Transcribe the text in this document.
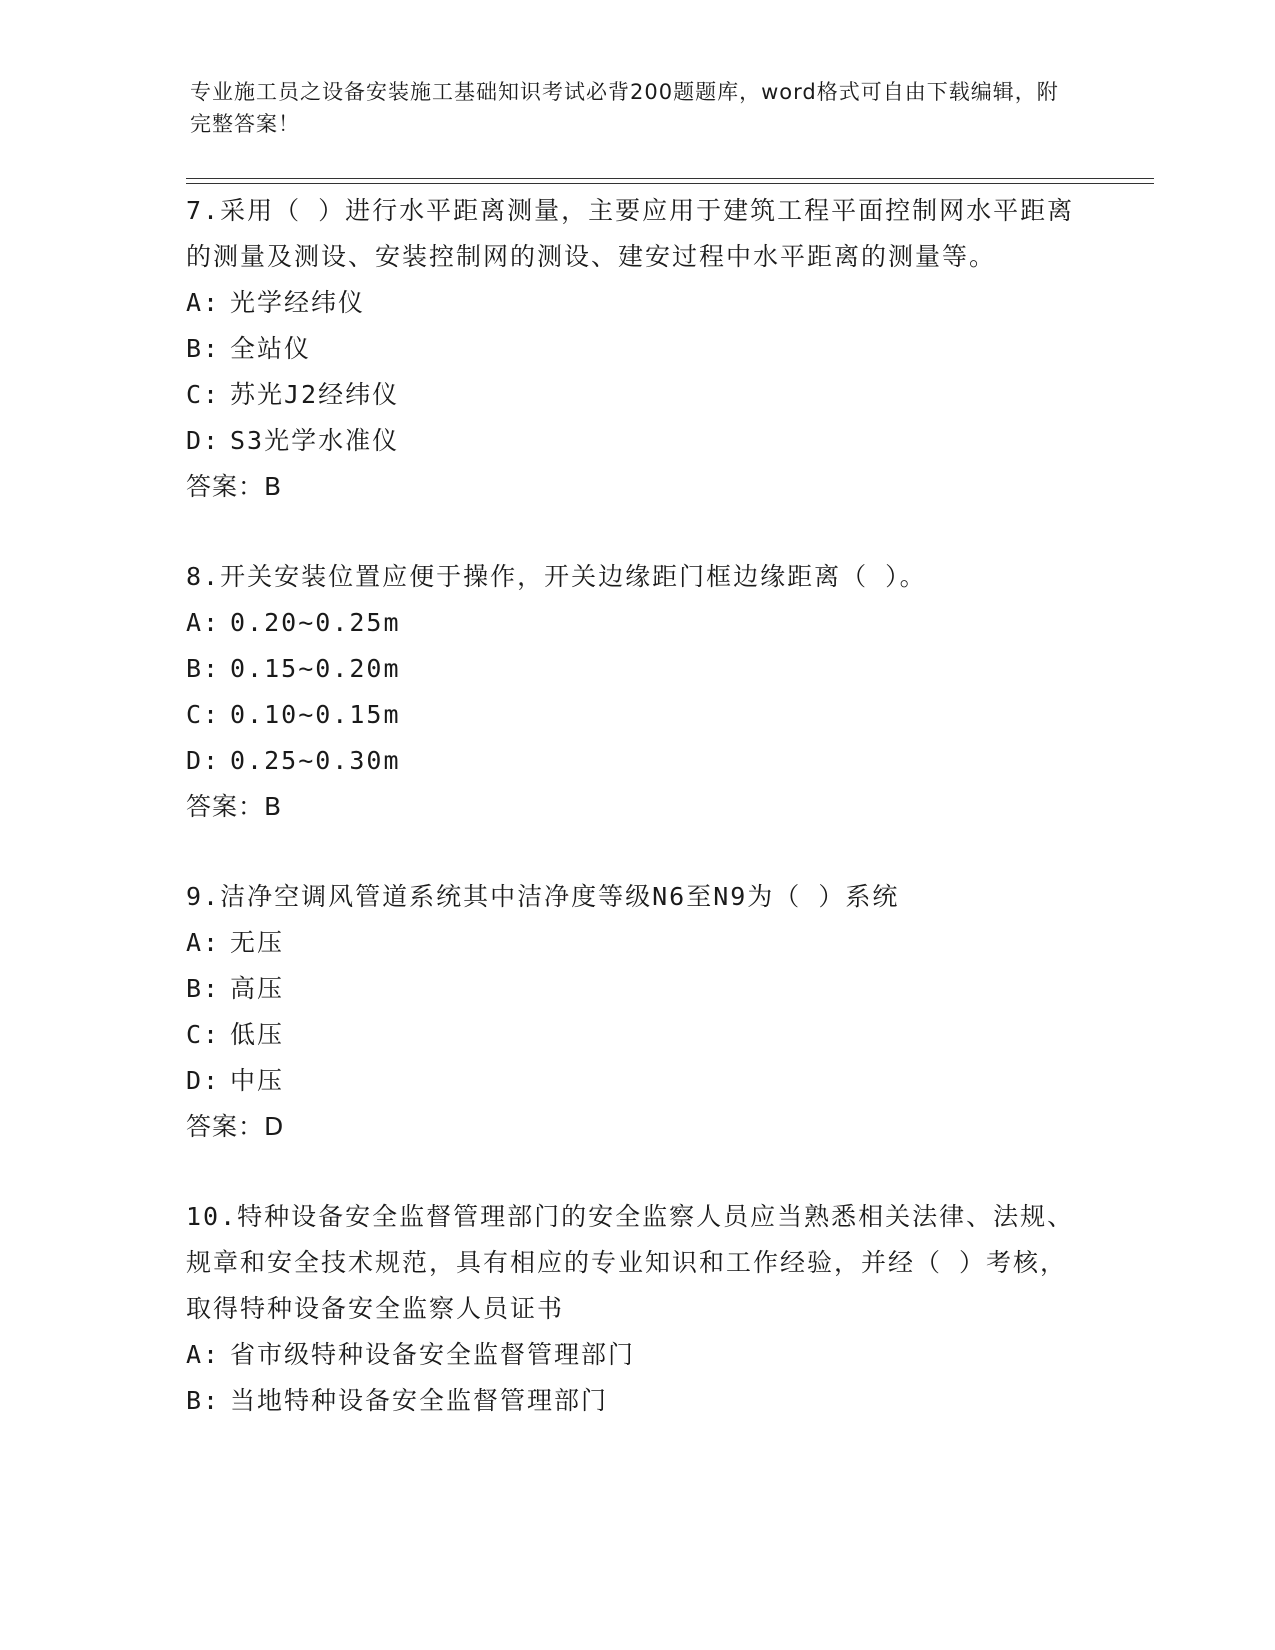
专业施工员之设备安装施工基础知识考试必背200题题库，word格式可自由下载编辑，附完整答案！

7.采用（ ）进行水平距离测量，主要应用于建筑工程平面控制网水平距离的测量及测设、安装控制网的测设、建安过程中水平距离的测量等。

A: 光学经纬仪

B: 全站仪

C: 苏光J2经纬仪

D: S3光学水准仪

答案：B

8.开关安装位置应便于操作，开关边缘距门框边缘距离（ ）。

A: 0.20~0.25m

B: 0.15~0.20m

C: 0.10~0.15m

D: 0.25~0.30m

答案：B

9.洁净空调风管道系统其中洁净度等级N6至N9为（ ）系统

A: 无压

B: 高压

C: 低压

D: 中压

答案：D

10.特种设备安全监督管理部门的安全监察人员应当熟悉相关法律、法规、规章和安全技术规范，具有相应的专业知识和工作经验，并经（ ）考核，取得特种设备安全监察人员证书

A: 省市级特种设备安全监督管理部门

B: 当地特种设备安全监督管理部门
